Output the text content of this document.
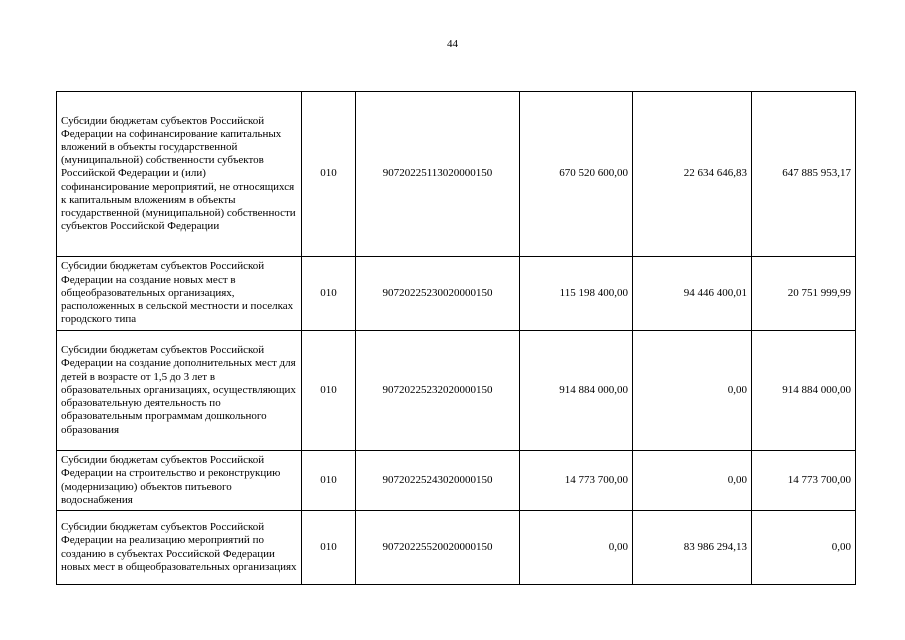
44
Субсидии бюджетам субъектов Российской Федерации на софинансирование капитальных вложений в объекты государственной (муниципальной) собственности субъектов Российской Федерации и (или) софинансирование мероприятий, не относящихся к капитальным вложениям в объекты государственной (муниципальной) собственности субъектов Российской Федерации	010	90720225113020000150	670 520 600,00	22 634 646,83	647 885 953,17
Субсидии бюджетам субъектов Российской Федерации на создание новых мест в общеобразовательных организациях, расположенных в сельской местности и поселках городского типа	010	90720225230020000150	115 198 400,00	94 446 400,01	20 751 999,99
Субсидии бюджетам субъектов Российской Федерации на создание дополнительных мест для детей в возрасте от 1,5 до 3 лет в образовательных организациях, осуществляющих образовательную деятельность по образовательным программам дошкольного образования	010	90720225232020000150	914 884 000,00	0,00	914 884 000,00
Субсидии бюджетам субъектов Российской Федерации на строительство и реконструкцию (модернизацию) объектов питьевого водоснабжения	010	90720225243020000150	14 773 700,00	0,00	14 773 700,00
Субсидии бюджетам субъектов Российской Федерации на реализацию мероприятий по созданию в субъектах Российской Федерации новых мест в общеобразовательных организациях	010	90720225520020000150	0,00	83 986 294,13	0,00
